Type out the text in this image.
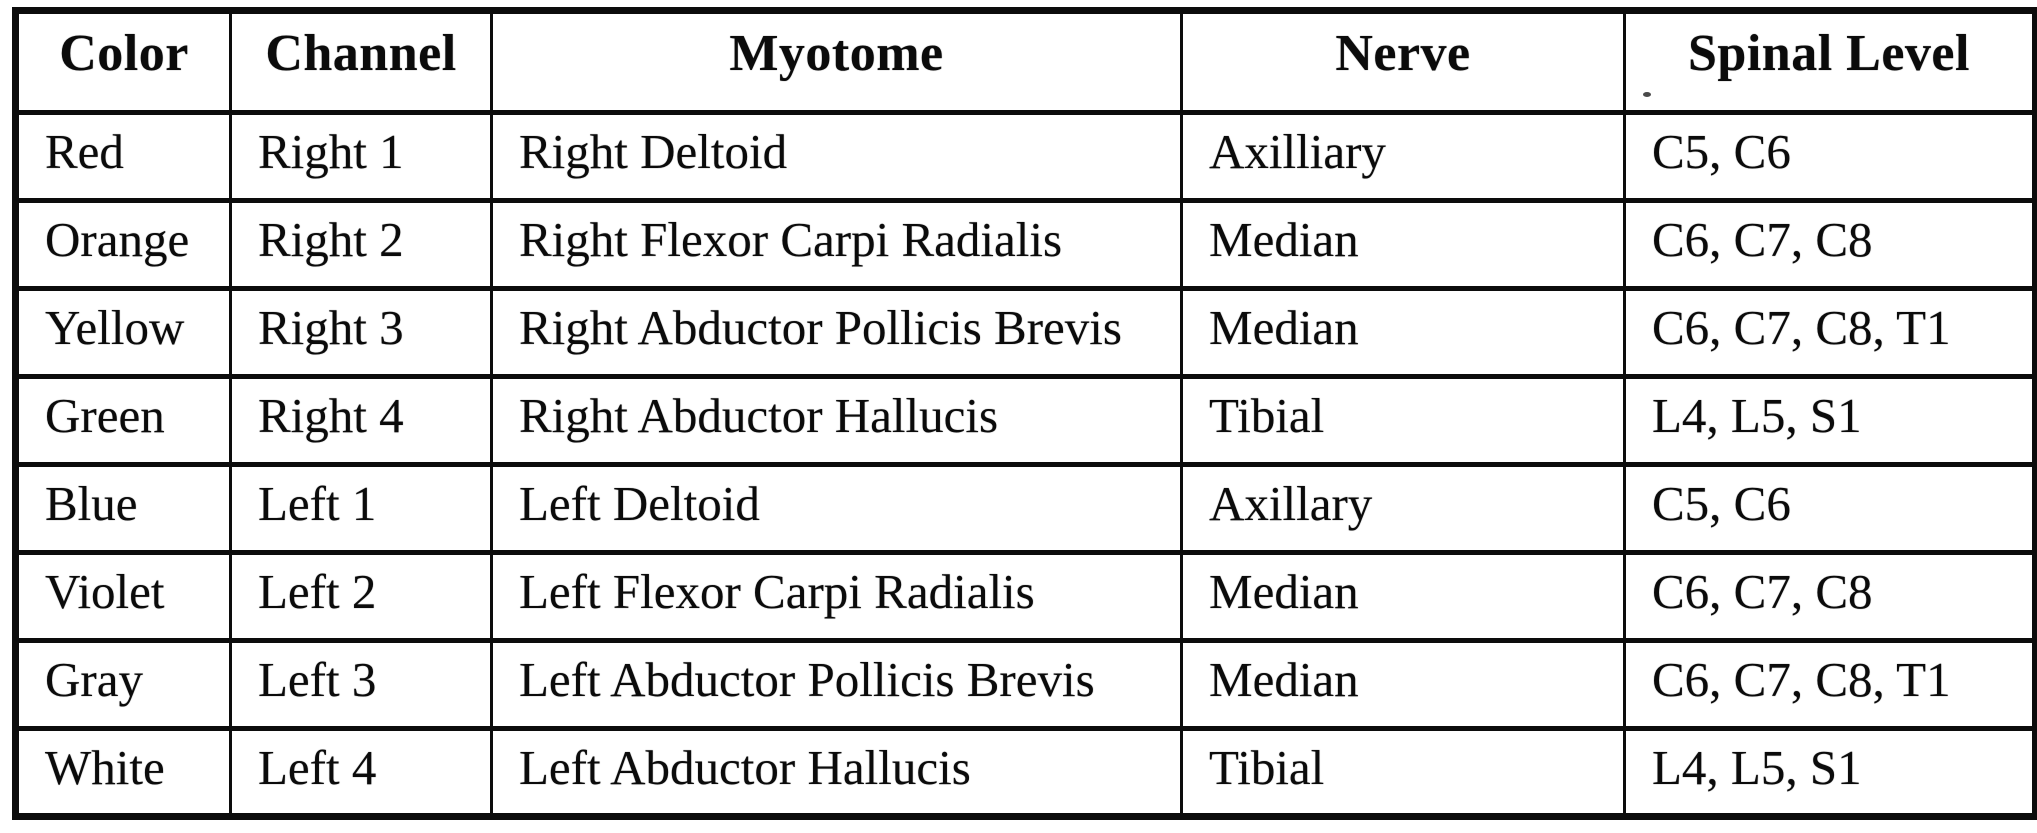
Color	Channel	Myotome	Nerve	Spinal Level
Red	Right 1	Right Deltoid	Axilliary	C5, C6
Orange	Right 2	Right Flexor Carpi Radialis	Median	C6, C7, C8
Yellow	Right 3	Right Abductor Pollicis Brevis	Median	C6, C7, C8, T1
Green	Right 4	Right Abductor Hallucis	Tibial	L4, L5, S1
Blue	Left 1	Left Deltoid	Axillary	C5, C6
Violet	Left 2	Left Flexor Carpi Radialis	Median	C6, C7, C8
Gray	Left 3	Left Abductor Pollicis Brevis	Median	C6, C7, C8, T1
White	Left 4	Left Abductor Hallucis	Tibial	L4, L5, S1
